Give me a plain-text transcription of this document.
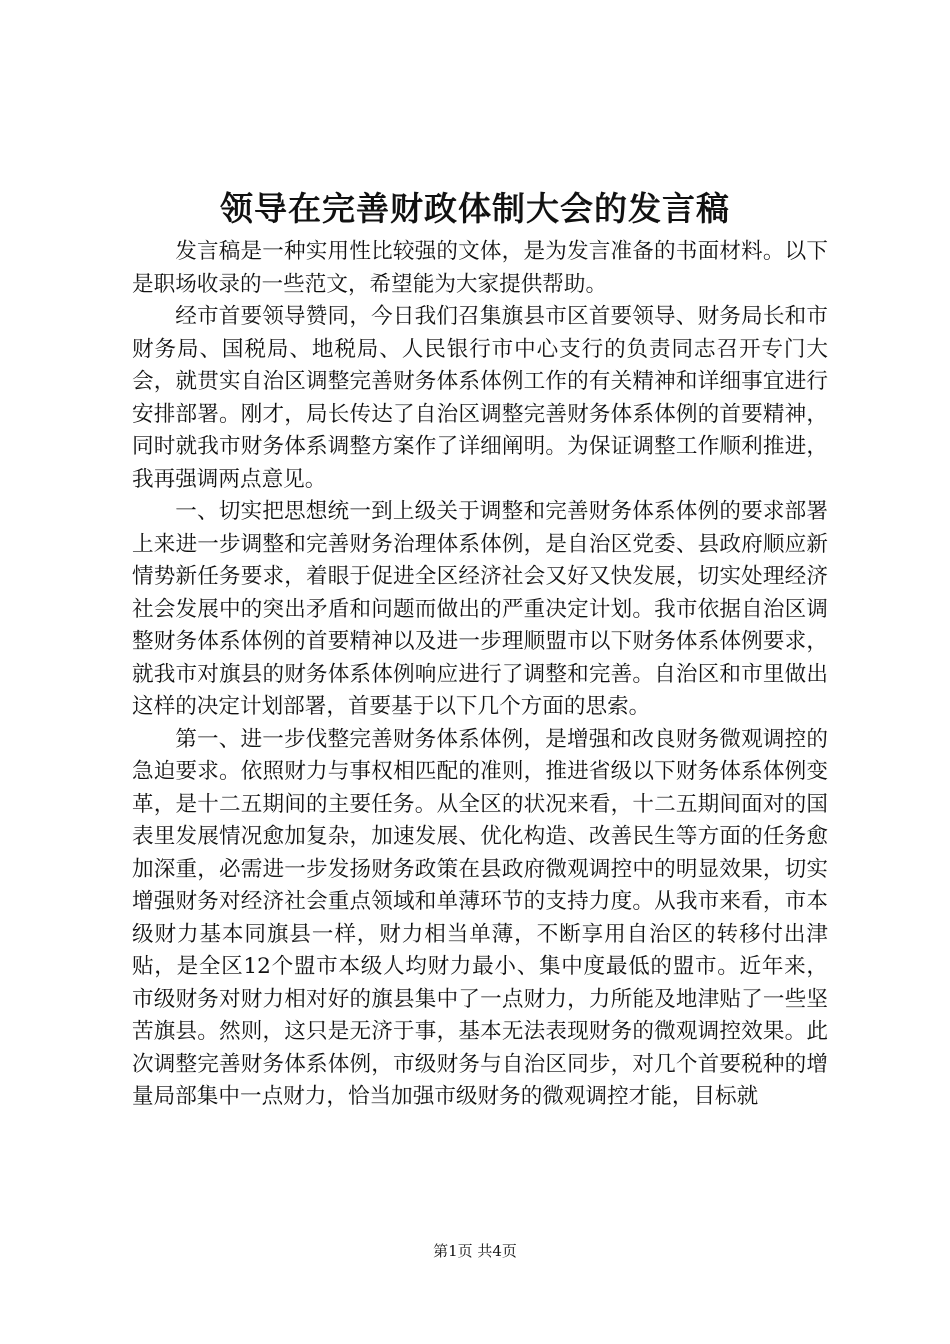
领导在完善财政体制大会的发言稿

发言稿是一种实用性比较强的文体，是为发言准备的书面材料。以下是职场收录的一些范文，希望能为大家提供帮助。

经市首要领导赞同，今日我们召集旗县市区首要领导、财务局长和市财务局、国税局、地税局、人民银行市中心支行的负责同志召开专门大会，就贯实自治区调整完善财务体系体例工作的有关精神和详细事宜进行安排部署。刚才，局长传达了自治区调整完善财务体系体例的首要精神，同时就我市财务体系调整方案作了详细阐明。为保证调整工作顺利推进，我再强调两点意见。

一、切实把思想统一到上级关于调整和完善财务体系体例的要求部署上来进一步调整和完善财务治理体系体例，是自治区党委、县政府顺应新情势新任务要求，着眼于促进全区经济社会又好又快发展，切实处理经济社会发展中的突出矛盾和问题而做出的严重决定计划。我市依据自治区调整财务体系体例的首要精神以及进一步理顺盟市以下财务体系体例要求，就我市对旗县的财务体系体例响应进行了调整和完善。自治区和市里做出这样的决定计划部署，首要基于以下几个方面的思索。

第一、进一步伐整完善财务体系体例，是增强和改良财务微观调控的急迫要求。依照财力与事权相匹配的准则，推进省级以下财务体系体例变革，是十二五期间的主要任务。从全区的状况来看，十二五期间面对的国表里发展情况愈加复杂，加速发展、优化构造、改善民生等方面的任务愈加深重，必需进一步发扬财务政策在县政府微观调控中的明显效果，切实增强财务对经济社会重点领域和单薄环节的支持力度。从我市来看，市本级财力基本同旗县一样，财力相当单薄，不断享用自治区的转移付出津贴，是全区12个盟市本级人均财力最小、集中度最低的盟市。近年来，市级财务对财力相对好的旗县集中了一点财力，力所能及地津贴了一些坚苦旗县。然则，这只是无济于事，基本无法表现财务的微观调控效果。此次调整完善财务体系体例，市级财务与自治区同步，对几个首要税种的增量局部集中一点财力，恰当加强市级财务的微观调控才能，目标就

第1页 共4页
